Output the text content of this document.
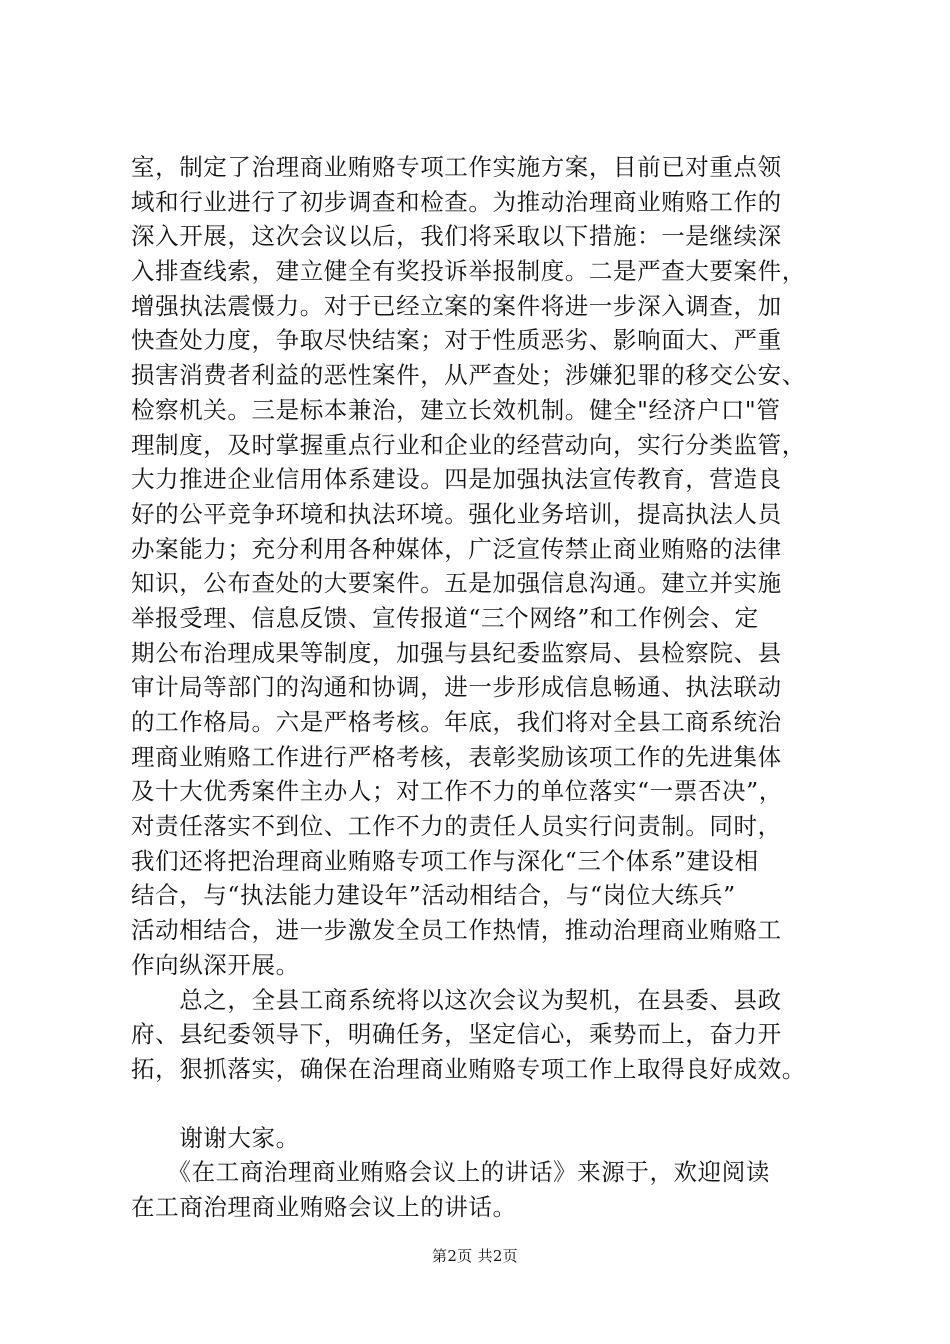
室，制定了治理商业贿赂专项工作实施方案，目前已对重点领
域和行业进行了初步调查和检查。为推动治理商业贿赂工作的
深入开展，这次会议以后，我们将采取以下措施：一是继续深
入排查线索，建立健全有奖投诉举报制度。二是严查大要案件，
增强执法震慑力。对于已经立案的案件将进一步深入调查，加
快查处力度，争取尽快结案；对于性质恶劣、影响面大、严重
损害消费者利益的恶性案件，从严查处；涉嫌犯罪的移交公安、
检察机关。三是标本兼治，建立长效机制。健全"经济户口"管
理制度，及时掌握重点行业和企业的经营动向，实行分类监管，
大力推进企业信用体系建设。四是加强执法宣传教育，营造良
好的公平竞争环境和执法环境。强化业务培训，提高执法人员
办案能力；充分利用各种媒体，广泛宣传禁止商业贿赂的法律
知识，公布查处的大要案件。五是加强信息沟通。建立并实施
举报受理、信息反馈、宣传报道“三个网络”和工作例会、定
期公布治理成果等制度，加强与县纪委监察局、县检察院、县
审计局等部门的沟通和协调，进一步形成信息畅通、执法联动
的工作格局。六是严格考核。年底，我们将对全县工商系统治
理商业贿赂工作进行严格考核，表彰奖励该项工作的先进集体
及十大优秀案件主办人；对工作不力的单位落实“一票否决”，
对责任落实不到位、工作不力的责任人员实行问责制。同时，
我们还将把治理商业贿赂专项工作与深化“三个体系”建设相
结合，与“执法能力建设年”活动相结合，与“岗位大练兵”
活动相结合，进一步激发全员工作热情，推动治理商业贿赂工
作向纵深开展。
　　总之，全县工商系统将以这次会议为契机，在县委、县政
府、县纪委领导下，明确任务，坚定信心，乘势而上，奋力开
拓，狠抓落实，确保在治理商业贿赂专项工作上取得良好成效。
　　谢谢大家。
　　《在工商治理商业贿赂会议上的讲话》来源于，欢迎阅读
在工商治理商业贿赂会议上的讲话。
第2页 共2页
